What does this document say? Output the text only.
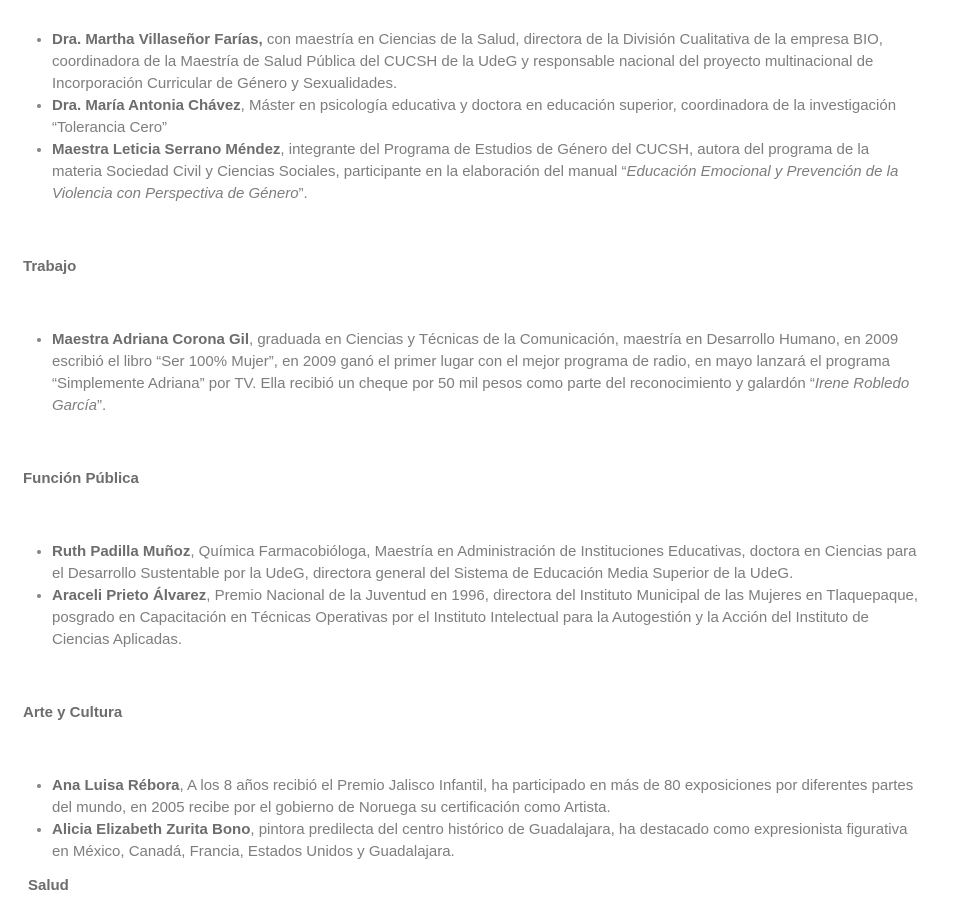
• Dra. Martha Villaseñor Farías, con maestría en Ciencias de la Salud, directora de la División Cualitativa de la empresa BIO, coordinadora de la Maestría de Salud Pública del CUCSH de la UdeG y responsable nacional del proyecto multinacional de Incorporación Curricular de Género y Sexualidades.
• Dra. María Antonia Chávez, Máster en psicología educativa y doctora en educación superior, coordinadora de la investigación “Tolerancia Cero”
• Maestra Leticia Serrano Méndez, integrante del Programa de Estudios de Género del CUCSH, autora del programa de la materia Sociedad Civil y Ciencias Sociales, participante en la elaboración del manual “Educación Emocional y Prevención de la Violencia con Perspectiva de Género”.

Trabajo

• Maestra Adriana Corona Gil, graduada en Ciencias y Técnicas de la Comunicación, maestría en Desarrollo Humano, en 2009 escribió el libro “Ser 100% Mujer”, en 2009 ganó el primer lugar con el mejor programa de radio, en mayo lanzará el programa “Simplemente Adriana” por TV. Ella recibió un cheque por 50 mil pesos como parte del reconocimiento y galardón “Irene Robledo García”.

Función Pública

• Ruth Padilla Muñoz, Química Farmacobióloga, Maestría en Administración de Instituciones Educativas, doctora en Ciencias para el Desarrollo Sustentable por la UdeG, directora general del Sistema de Educación Media Superior de la UdeG.
• Araceli Prieto Álvarez, Premio Nacional de la Juventud en 1996, directora del Instituto Municipal de las Mujeres en Tlaquepaque, posgrado en Capacitación en Técnicas Operativas por el Instituto Intelectual para la Autogestión y la Acción del Instituto de Ciencias Aplicadas.

Arte y Cultura

• Ana Luisa Rébora, A los 8 años recibió el Premio Jalisco Infantil, ha participado en más de 80 exposiciones por diferentes partes del mundo, en 2005 recibe por el gobierno de Noruega su certificación como Artista.
• Alicia Elizabeth Zurita Bono, pintora predilecta del centro histórico de Guadalajara, ha destacado como expresionista figurativa en México, Canadá, Francia, Estados Unidos y Guadalajara.

Salud
